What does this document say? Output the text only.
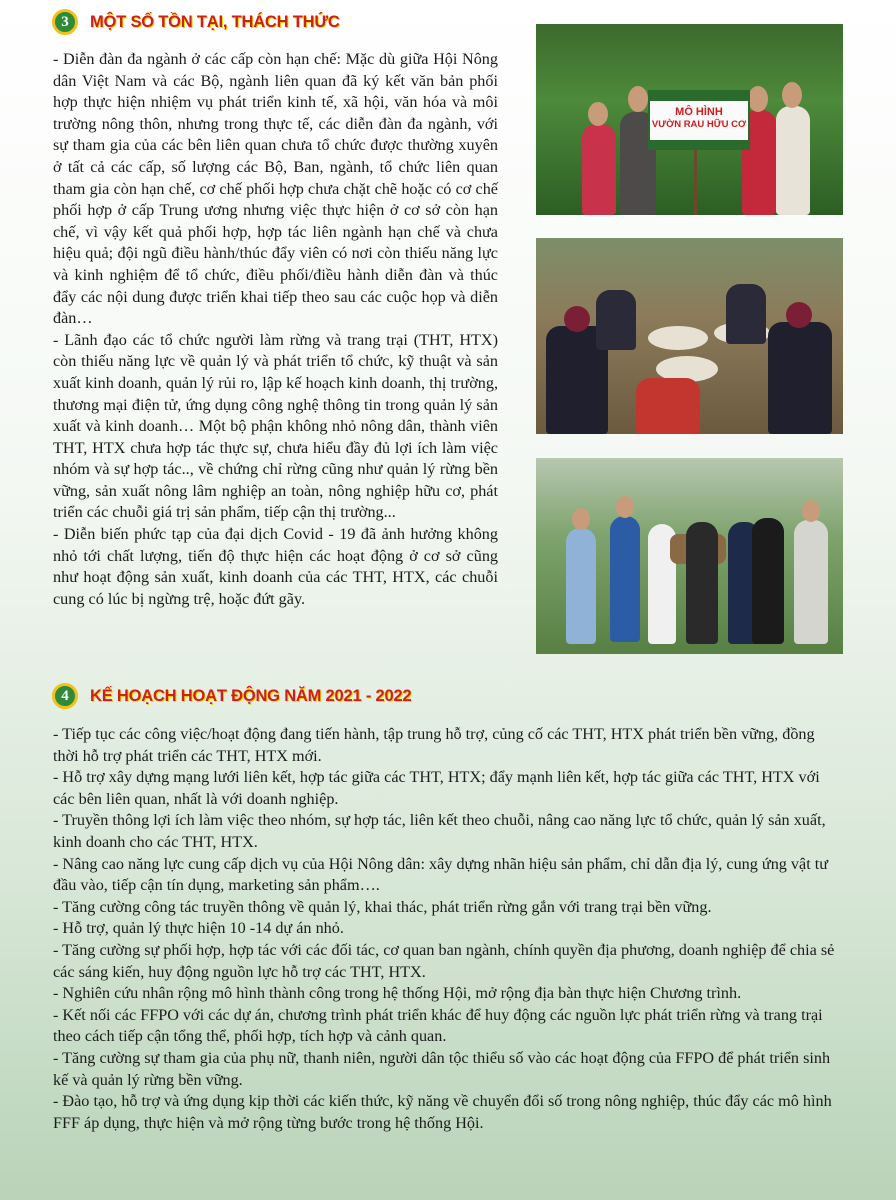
3	MỘT SỐ TỒN TẠI, THÁCH THỨC

- Diễn đàn đa ngành ở các cấp còn hạn chế: Mặc dù giữa Hội Nông dân Việt Nam và các Bộ, ngành liên quan đã ký kết văn bản phối hợp thực hiện nhiệm vụ phát triển kinh tế, xã hội, văn hóa và môi trường nông thôn, nhưng trong thực tế, các diễn đàn đa ngành, với sự tham gia của các bên liên quan chưa tổ chức được thường xuyên ở tất cả các cấp, số lượng các Bộ, Ban, ngành, tổ chức liên quan tham gia còn hạn chế, cơ chế phối hợp chưa chặt chẽ hoặc có cơ chế phối hợp ở cấp Trung ương nhưng việc thực hiện ở cơ sở còn hạn chế, vì vậy kết quả phối hợp, hợp tác liên ngành hạn chế và chưa hiệu quả; đội ngũ điều hành/thúc đẩy viên có nơi còn thiếu năng lực và kinh nghiệm để tổ chức, điều phối/điều hành diễn đàn và thúc đẩy các nội dung được triển khai tiếp theo sau các cuộc họp và diễn đàn…

- Lãnh đạo các tổ chức người làm rừng và trang trại (THT, HTX) còn thiếu năng lực về quản lý và phát triển tổ chức, kỹ thuật và sản xuất kinh doanh, quản lý rủi ro, lập kế hoạch kinh doanh, thị trường, thương mại điện tử, ứng dụng công nghệ thông tin trong quản lý sản xuất và kinh doanh… Một bộ phận không nhỏ nông dân, thành viên THT, HTX chưa hợp tác thực sự, chưa hiểu đầy đủ lợi ích làm việc nhóm và sự hợp tác.., về chứng chỉ rừng cũng như quản lý rừng bền vững, sản xuất nông lâm nghiệp an toàn, nông nghiệp hữu cơ, phát triển các chuỗi giá trị sản phẩm, tiếp cận thị trường...

- Diễn biến phức tạp của đại dịch Covid - 19 đã ảnh hưởng không nhỏ tới chất lượng, tiến độ thực hiện các hoạt động ở cơ sở cũng như hoạt động sản xuất, kinh doanh của các THT, HTX, các chuỗi cung có lúc bị ngừng trệ, hoặc đứt gãy.

MÔ HÌNH
VƯỜN RAU HỮU CƠ
4	KẾ HOẠCH HOẠT ĐỘNG NĂM 2021 - 2022

- Tiếp tục các công việc/hoạt động đang tiến hành, tập trung hỗ trợ, củng cố các THT, HTX phát triển bền vững, đồng thời hỗ trợ phát triển các THT, HTX mới.

- Hỗ trợ xây dựng mạng lưới liên kết, hợp tác giữa các THT, HTX; đẩy mạnh liên kết, hợp tác giữa các THT, HTX với các bên liên quan, nhất là với doanh nghiệp.

- Truyền thông lợi ích làm việc theo nhóm, sự hợp tác, liên kết theo chuỗi, nâng cao năng lực tổ chức, quản lý sản xuất, kinh doanh cho các THT, HTX.

- Nâng cao năng lực cung cấp dịch vụ của Hội Nông dân: xây dựng nhãn hiệu sản phẩm, chỉ dẫn địa lý, cung ứng vật tư đầu vào, tiếp cận tín dụng, marketing sản phẩm….

- Tăng cường công tác truyền thông về quản lý, khai thác, phát triển rừng gắn với trang trại bền vững.

- Hỗ trợ, quản lý thực hiện 10 -14 dự án nhỏ.

- Tăng cường sự phối hợp, hợp tác với các đối tác, cơ quan ban ngành, chính quyền địa phương, doanh nghiệp để chia sẻ các sáng kiến, huy động nguồn lực hỗ trợ các THT, HTX.

- Nghiên cứu nhân rộng mô hình thành công trong hệ thống Hội, mở rộng địa bàn thực hiện Chương trình.

- Kết nối các FFPO với các dự án, chương trình phát triển khác để huy động các nguồn lực phát triển rừng và trang trại theo cách tiếp cận tổng thể, phối hợp, tích hợp và cảnh quan.

- Tăng cường sự tham gia của phụ nữ, thanh niên, người dân tộc thiểu số vào các hoạt động của FFPO để phát triển sinh kế và quản lý rừng bền vững.

- Đào tạo, hỗ trợ và ứng dụng kịp thời các kiến thức, kỹ năng về chuyển đổi số trong nông nghiệp, thúc đẩy các mô hình FFF áp dụng, thực hiện và mở rộng từng bước trong hệ thống Hội.
